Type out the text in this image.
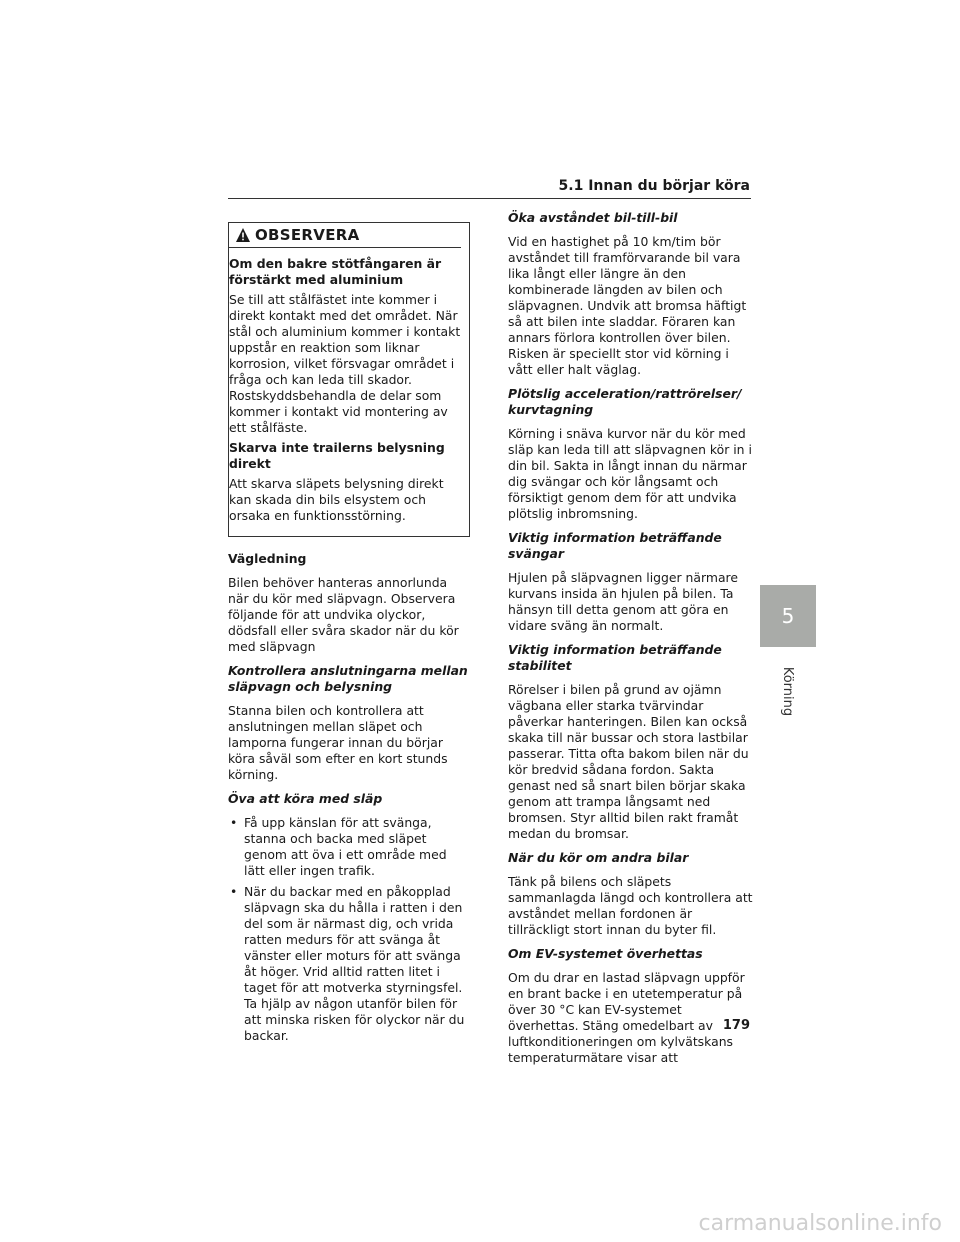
5.1 Innan du börjar köra
OBSERVERA
Om den bakre stötfångaren är förstärkt med aluminium

Se till att stålfästet inte kommer i direkt kontakt med det området. När stål och aluminium kommer i kontakt uppstår en reaktion som liknar korrosion, vilket försvagar området i fråga och kan leda till skador. Rostskyddsbehandla de delar som kommer i kontakt vid montering av ett stålfäste.

Skarva inte trailerns belysning direkt

Att skarva släpets belysning direkt kan skada din bils elsystem och orsaka en funktionsstörning.

Vägledning

Bilen behöver hanteras annorlunda när du kör med släpvagn. Observera följande för att undvika olyckor, dödsfall eller svåra skador när du kör med släpvagn

Kontrollera anslutningarna mellan släpvagn och belysning

Stanna bilen och kontrollera att anslutningen mellan släpet och lamporna fungerar innan du börjar köra såväl som efter en kort stunds körning.

Öva att köra med släp
• Få upp känslan för att svänga, stanna och backa med släpet genom att öva i ett område med lätt eller ingen trafik.
• När du backar med en påkopplad släpvagn ska du hålla i ratten i den del som är närmast dig, och vrida ratten medurs för att svänga åt vänster eller moturs för att svänga åt höger. Vrid alltid ratten litet i taget för att motverka styrningsfel. Ta hjälp av någon utanför bilen för att minska risken för olyckor när du backar.
Öka avståndet bil-till-bil

Vid en hastighet på 10 km/tim bör avståndet till framförvarande bil vara lika långt eller längre än den kombinerade längden av bilen och släpvagnen. Undvik att bromsa häftigt så att bilen inte sladdar. Föraren kan annars förlora kontrollen över bilen. Risken är speciellt stor vid körning i vått eller halt väglag.

Plötslig acceleration/rattrörelser/ kurvtagning

Körning i snäva kurvor när du kör med släp kan leda till att släpvagnen kör in i din bil. Sakta in långt innan du närmar dig svängar och kör långsamt och försiktigt genom dem för att undvika plötslig inbromsning.

Viktig information beträffande svängar

Hjulen på släpvagnen ligger närmare kurvans insida än hjulen på bilen. Ta hänsyn till detta genom att göra en vidare sväng än normalt.

Viktig information beträffande stabilitet

Rörelser i bilen på grund av ojämn vägbana eller starka tvärvindar påverkar hanteringen. Bilen kan också skaka till när bussar och stora lastbilar passerar. Titta ofta bakom bilen när du kör bredvid sådana fordon. Sakta genast ned så snart bilen börjar skaka genom att trampa långsamt ned bromsen. Styr alltid bilen rakt framåt medan du bromsar.

När du kör om andra bilar

Tänk på bilens och släpets sammanlagda längd och kontrollera att avståndet mellan fordonen är tillräckligt stort innan du byter fil.

Om EV-systemet överhettas

Om du drar en lastad släpvagn uppför en brant backe i en utetemperatur på över 30 °C kan EV-systemet överhettas. Stäng omedelbart av luftkonditioneringen om kylvätskans temperaturmätare visar att

5
Körning
179
carmanualsonline.info
